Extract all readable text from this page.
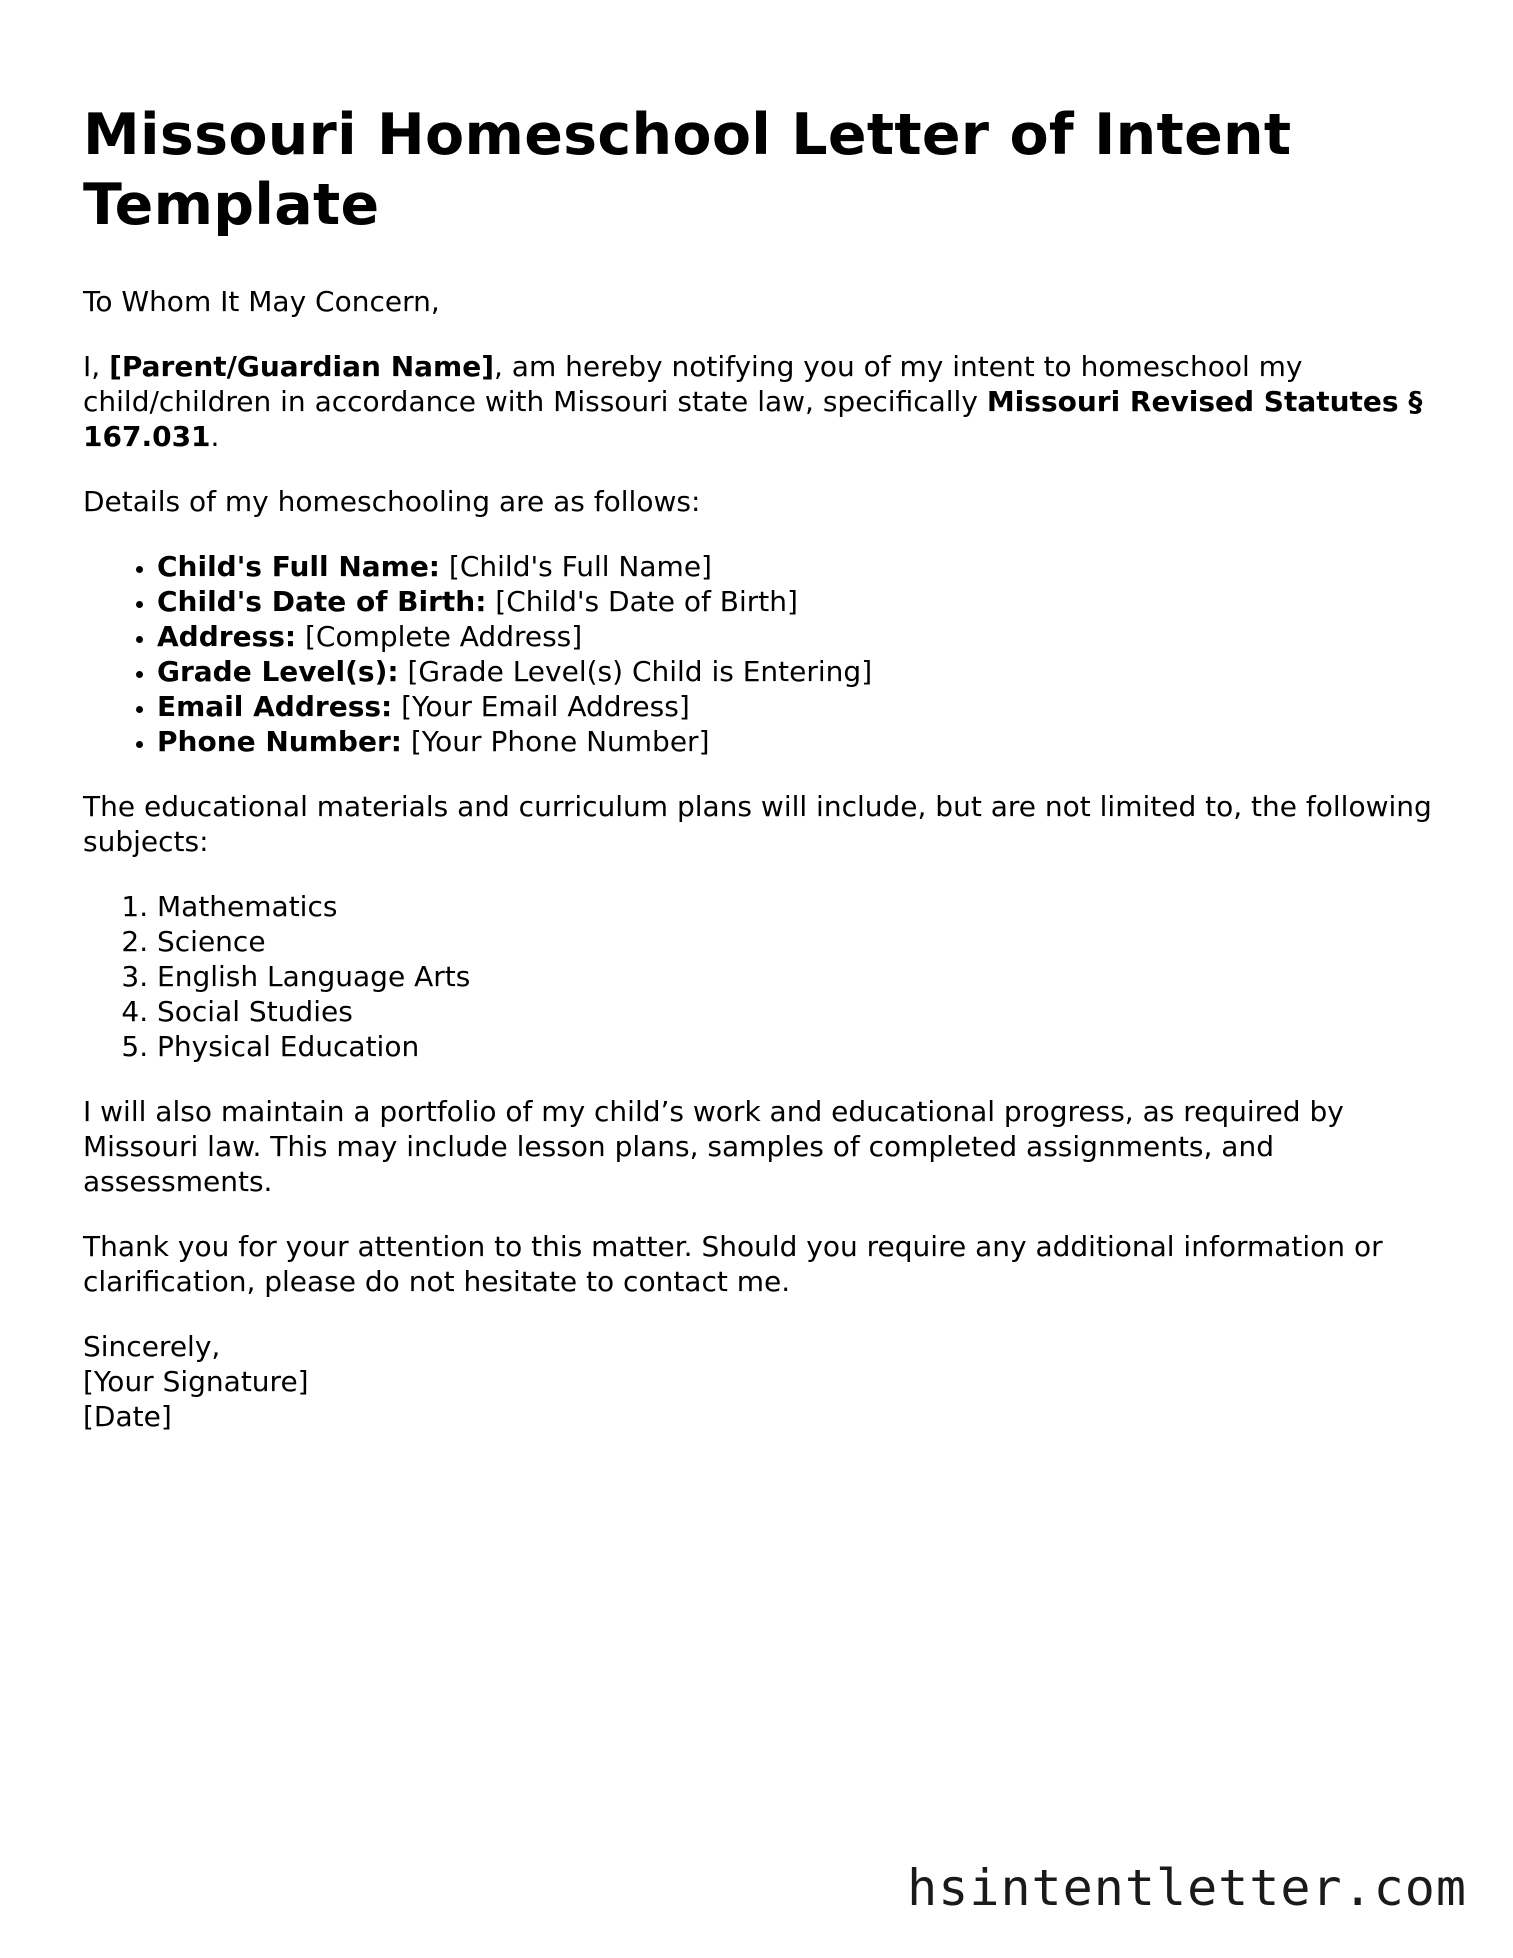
Missouri Homeschool Letter of Intent Template

To Whom It May Concern,

I, [Parent/Guardian Name], am hereby notifying you of my intent to homeschool my child/children in accordance with Missouri state law, specifically Missouri Revised Statutes § 167.031.

Details of my homeschooling are as follows:

• Child's Full Name: [Child's Full Name]
• Child's Date of Birth: [Child's Date of Birth]
• Address: [Complete Address]
• Grade Level(s): [Grade Level(s) Child is Entering]
• Email Address: [Your Email Address]
• Phone Number: [Your Phone Number]

The educational materials and curriculum plans will include, but are not limited to, the following subjects:

1. Mathematics
2. Science
3. English Language Arts
4. Social Studies
5. Physical Education

I will also maintain a portfolio of my child’s work and educational progress, as required by Missouri law. This may include lesson plans, samples of completed assignments, and assessments.

Thank you for your attention to this matter. Should you require any additional information or clarification, please do not hesitate to contact me.

Sincerely,
[Your Signature]
[Date]

hsintentletter.com
